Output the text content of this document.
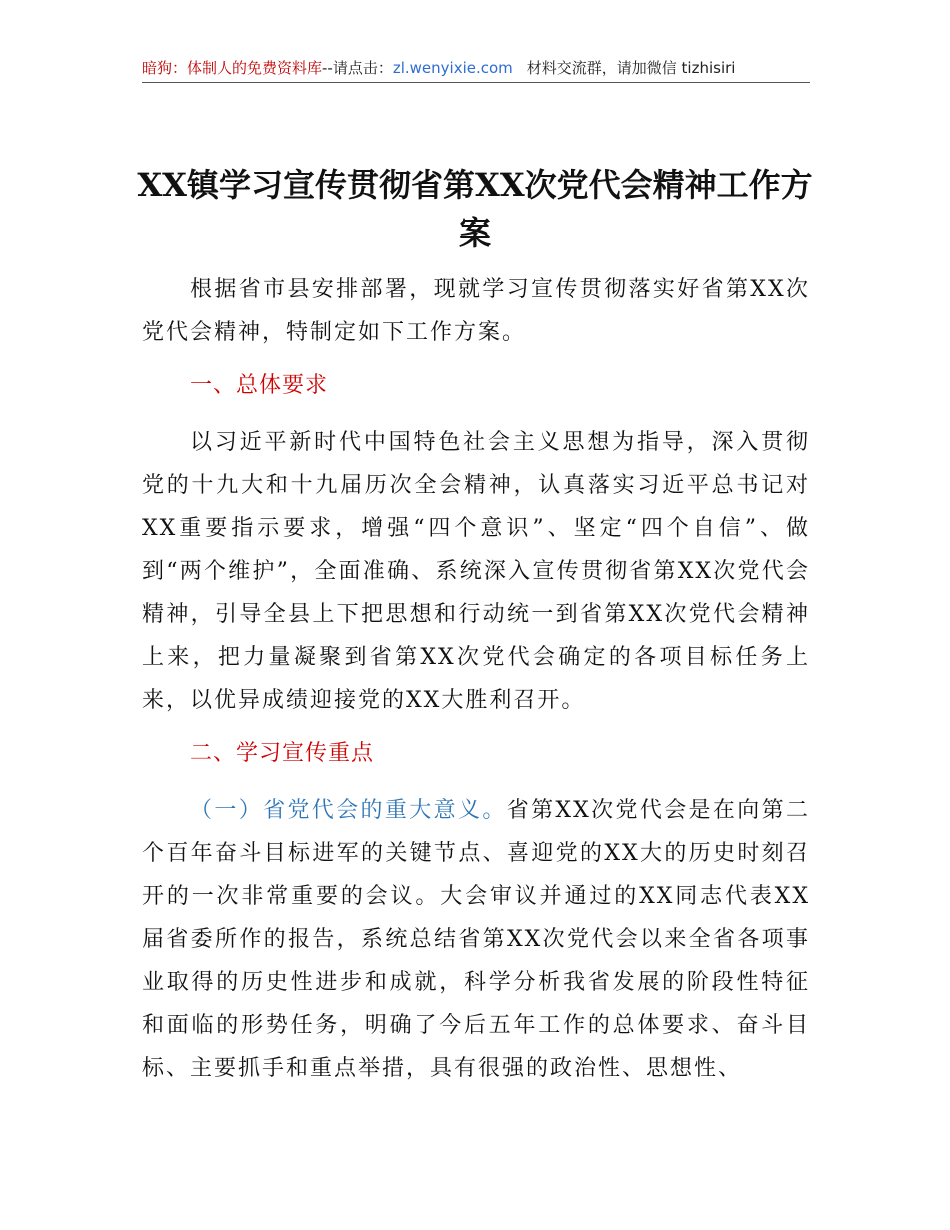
暗狗：体制人的免费资料库--请点击：zl.wenyixie.com 材料交流群，请加微信 tizhisiri
XX镇学习宣传贯彻省第XX次党代会精神工作方案

根据省市县安排部署，现就学习宣传贯彻落实好省第XX次党代会精神，特制定如下工作方案。

一、总体要求

以习近平新时代中国特色社会主义思想为指导，深入贯彻党的十九大和十九届历次全会精神，认真落实习近平总书记对XX重要指示要求，增强“四个意识”、坚定“四个自信”、做到“两个维护”，全面准确、系统深入宣传贯彻省第XX次党代会精神，引导全县上下把思想和行动统一到省第XX次党代会精神上来，把力量凝聚到省第XX次党代会确定的各项目标任务上来，以优异成绩迎接党的XX大胜利召开。

二、学习宣传重点

（一）省党代会的重大意义。省第XX次党代会是在向第二个百年奋斗目标进军的关键节点、喜迎党的XX大的历史时刻召开的一次非常重要的会议。大会审议并通过的XX同志代表XX届省委所作的报告，系统总结省第XX次党代会以来全省各项事业取得的历史性进步和成就，科学分析我省发展的阶段性特征和面临的形势任务，明确了今后五年工作的总体要求、奋斗目标、主要抓手和重点举措，具有很强的政治性、思想性、
